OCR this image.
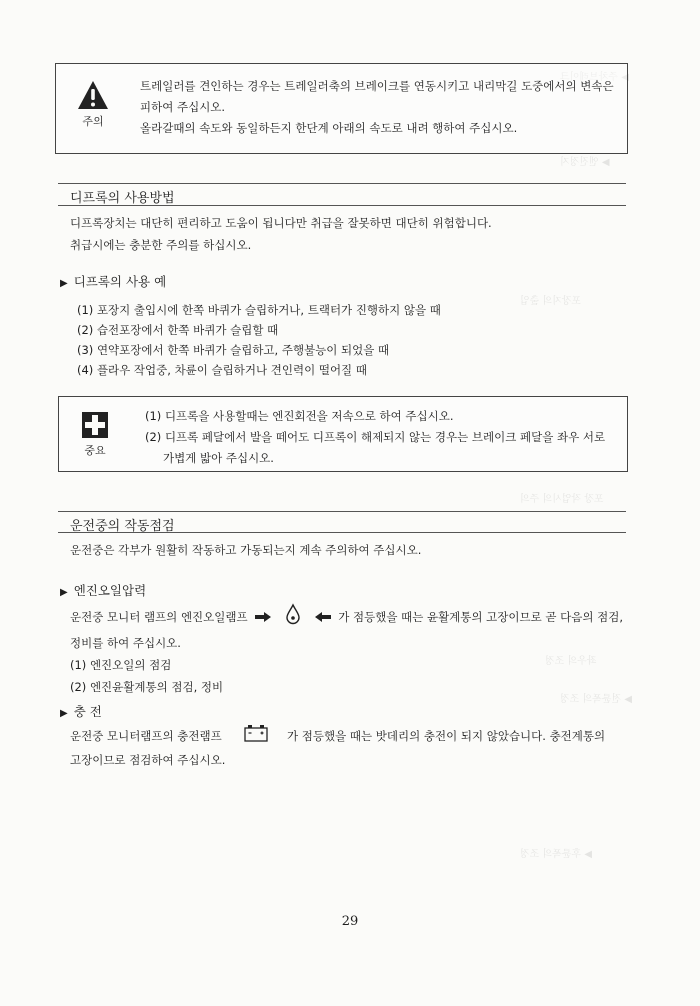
▶ 주차브레이크
▶ 엔진정지
포장지의 출입
포장 작업시의 주의
좌우의 조정
▶ 전륜폭의 조정
▶ 후륜폭의 조정
주의
트레일러를 견인하는 경우는 트레일러축의 브레이크를 연동시키고 내리막길 도중에서의 변속은
피하여 주십시오.
올라갈때의 속도와 동일하든지 한단계 아래의 속도로 내려 행하여 주십시오.
디프록의 사용방법
디프록장치는 대단히 편리하고 도움이 됩니다만 취급을 잘못하면 대단히 위험합니다.
취급시에는 충분한 주의를 하십시오.
▶ 디프록의 사용 예
(1) 포장지 출입시에 한쪽 바퀴가 슬립하거나, 트랙터가 진행하지 않을 때
(2) 습전포장에서 한쪽 바퀴가 슬립할 때
(3) 연약포장에서 한쪽 바퀴가 슬립하고, 주행불능이 되었을 때
(4) 플라우 작업중, 차륜이 슬립하거나 견인력이 떨어질 때
중요
(1) 디프록을 사용할때는 엔진회전을 저속으로 하여 주십시오.
(2) 디프록 페달에서 발을 떼어도 디프록이 해제되지 않는 경우는 브레이크 페달을 좌우 서로
가볍게 밟아 주십시오.
운전중의 작동점검
운전중은 각부가 원활히 작동하고 가동되는지 계속 주의하여 주십시오.
▶ 엔진오일압력
운전중 모니터 램프의 엔진오일램프	가 점등했을 때는 윤활계통의 고장이므로 곧 다음의 점검,
정비를 하여 주십시오.
(1) 엔진오일의 점검
(2) 엔진윤활계통의 점검, 정비
▶ 충 전
운전중 모니터램프의 충전램프	가 점등했을 때는 밧데리의 충전이 되지 않았습니다. 충전계통의
고장이므로 점검하여 주십시오.
29
